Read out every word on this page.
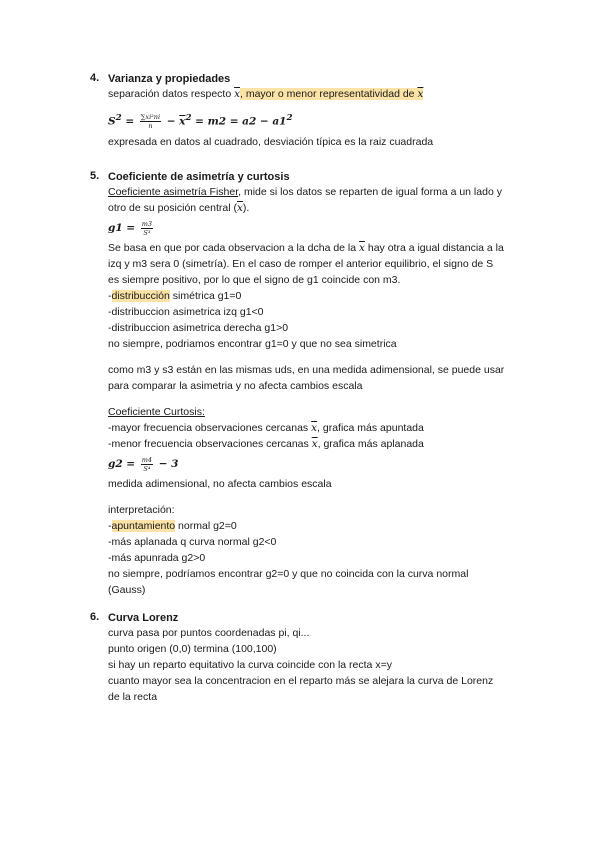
4. Varianza y propiedades
separación datos respecto $\overline{x}$, mayor o menor representatividad de $\overline{x}$
$S^2 = \frac{\text{∑xi²ni}}{n} - \overline{x}^2 = m2 = a2 - a1^2$
expresada en datos al cuadrado, desviación típica es la raiz cuadrada
5. Coeficiente de asimetría y curtosis
Coeficiente asimetría Fisher, mide si los datos se reparten de igual forma a un lado y
otro de su posición central $(\overline{x})$.
$g1 = \frac{m3}{\text{S³}}$
Se basa en que por cada observacion a la dcha de la $\overline{x}$ hay otra a igual distancia a la
izq y m3 sera 0 (simetría). En el caso de romper el anterior equilibrio, el signo de S
es siempre positivo, por lo que el signo de g1 coincide con m3.
-distribucción simétrica g1=0
-distribuccion asimetrica izq g1<0
-distribuccion asimetrica derecha g1>0
no siempre, podriamos encontrar g1=0 y que no sea simetrica
como m3 y s3 están en las mismas uds, en una medida adimensional, se puede usar
para comparar la asimetria y no afecta cambios escala
Coeficiente Curtosis:
-mayor frecuencia observaciones cercanas $\overline{x}$, grafica más apuntada
-menor frecuencia observaciones cercanas $\overline{x}$, grafica más aplanada
$g2 = \frac{m4}{\text{S⁴}} - 3$
medida adimensional, no afecta cambios escala
interpretación:
-apuntamiento normal g2=0
-más aplanada q curva normal g2<0
-más apunrada g2>0
no siempre, podríamos encontrar g2=0 y que no coincida con la curva normal
(Gauss)
6. Curva Lorenz
curva pasa por puntos coordenadas pi, qi...
punto origen (0,0) termina (100,100)
si hay un reparto equitativo la curva coincide con la recta x=y
cuanto mayor sea la concentracion en el reparto más se alejara la curva de Lorenz
de la recta
